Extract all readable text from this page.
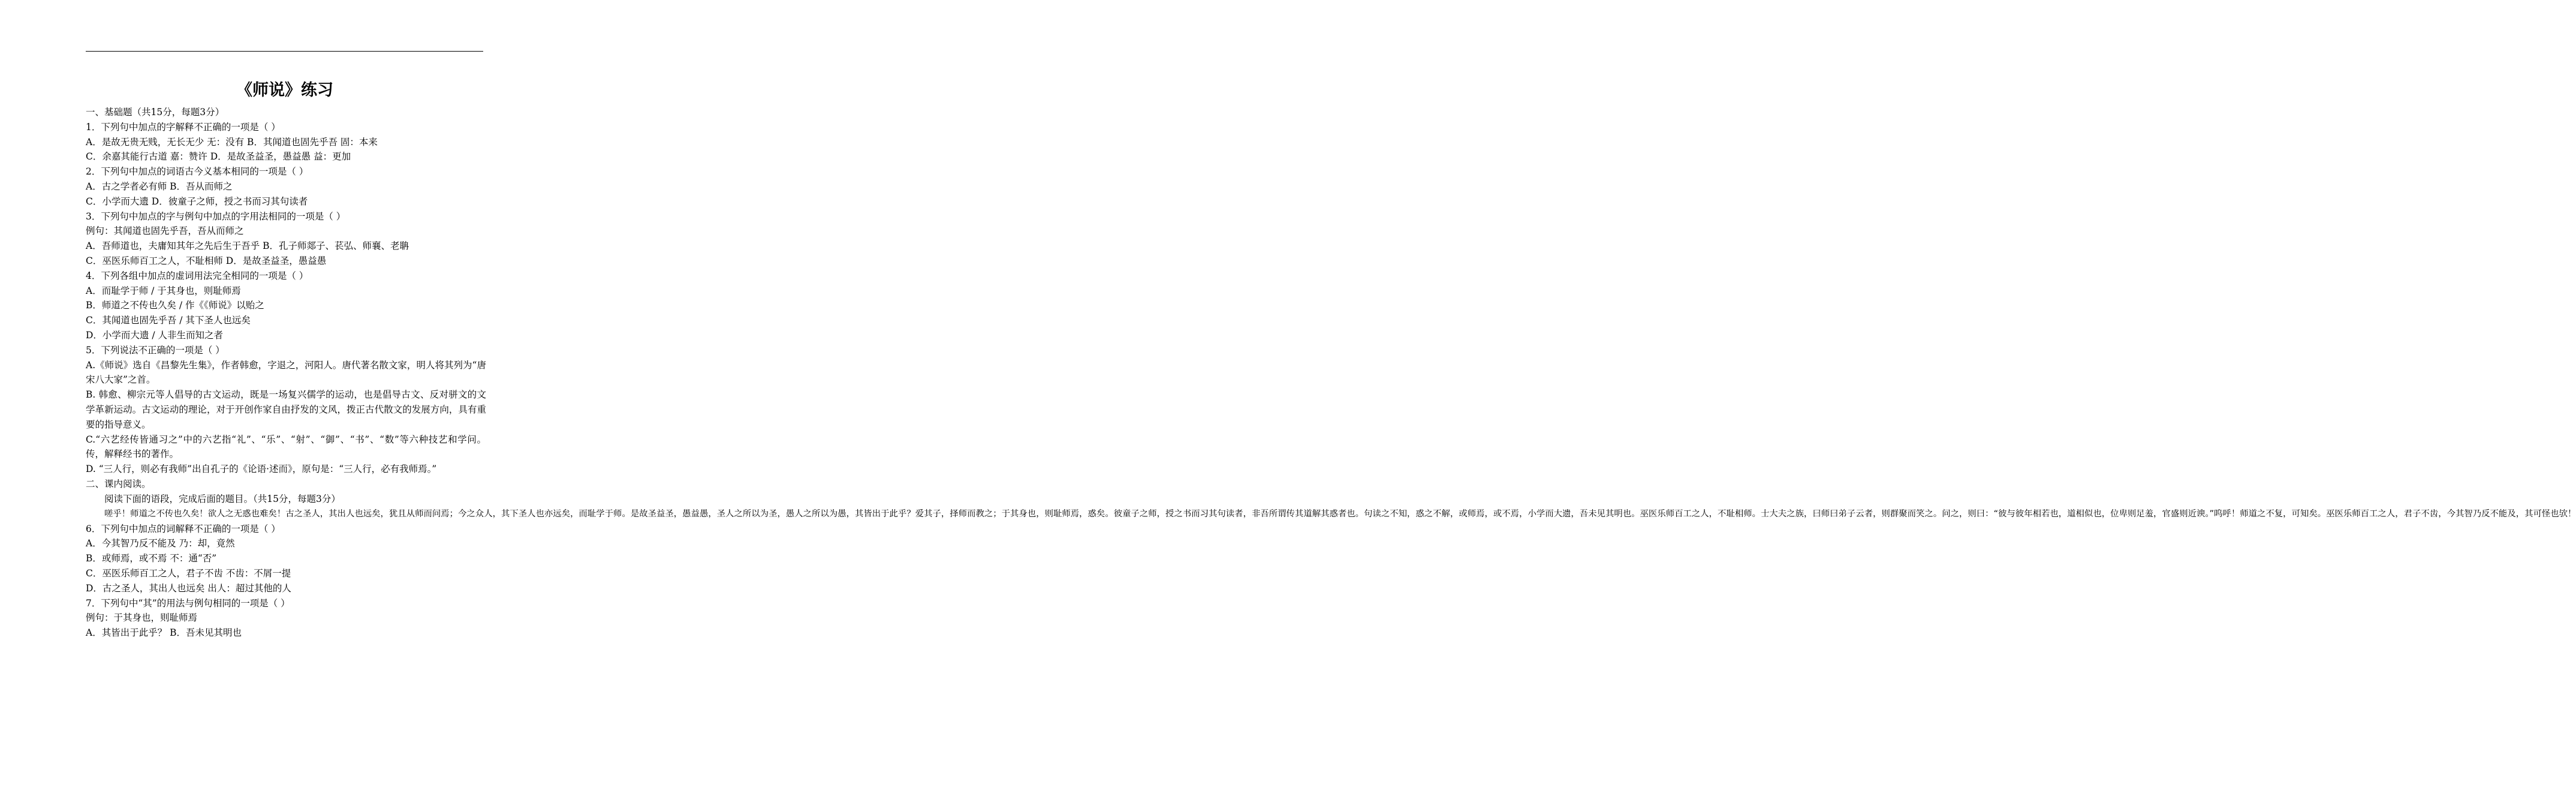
《师说》练习

一、基础题（共15分，每题3分）

1．下列句中加点的字解释不正确的一项是（ ）

A．是故无贵无贱，无长无少 无：没有 B．其闻道也固先乎吾 固：本来

C．余嘉其能行古道 嘉：赞许 D．是故圣益圣，愚益愚 益：更加

2．下列句中加点的词语古今义基本相同的一项是（ ）

A．古之学者必有师 B．吾从而师之

C．小学而大遗 D．彼童子之师，授之书而习其句读者

3．下列句中加点的字与例句中加点的字用法相同的一项是（ ）

例句：其闻道也固先乎吾，吾从而师之

A．吾师道也，夫庸知其年之先后生于吾乎 B．孔子师郯子、苌弘、师襄、老聃

C．巫医乐师百工之人，不耻相师 D．是故圣益圣，愚益愚

4．下列各组中加点的虚词用法完全相同的一项是（ ）

A．而耻学于师 / 于其身也，则耻师焉

B．师道之不传也久矣 / 作《《师说》以贻之

C．其闻道也固先乎吾 / 其下圣人也远矣

D．小学而大遗 / 人非生而知之者

5．下列说法不正确的一项是（ ）

A.《师说》选自《昌黎先生集》，作者韩愈，字退之，河阳人。唐代著名散文家，明人将其列为“唐宋八大家”之首。

B. 韩愈、柳宗元等人倡导的古文运动，既是一场复兴儒学的运动，也是倡导古文、反对骈文的文学革新运动。古文运动的理论，对于开创作家自由抒发的文风，拨正古代散文的发展方向，具有重要的指导意义。

C.“六艺经传皆通习之”中的六艺指“礼”、“乐”、“射”、“御”、“书”、“数”等六种技艺和学问。传，解释经书的著作。

D. “三人行，则必有我师”出自孔子的《论语·述而》，原句是：“三人行，必有我师焉。”

二、课内阅读。

阅读下面的语段，完成后面的题目。（共15分，每题3分）

嗟乎！师道之不传也久矣！欲人之无惑也难矣！古之圣人，其出人也远矣，犹且从师而问焉；今之众人，其下圣人也亦远矣，而耻学于师。是故圣益圣，愚益愚，圣人之所以为圣，愚人之所以为愚，其皆出于此乎？爱其子，择师而教之；于其身也，则耻师焉，惑矣。彼童子之师，授之书而习其句读者，非吾所谓传其道解其惑者也。句读之不知，惑之不解，或师焉，或不焉，小学而大遗，吾未见其明也。巫医乐师百工之人，不耻相师。士大夫之族，曰师曰弟子云者，则群聚而笑之。问之，则曰：“彼与彼年相若也，道相似也，位卑则足羞，官盛则近谀。”呜呼！师道之不复，可知矣。巫医乐师百工之人，君子不齿，今其智乃反不能及，其可怪也欤！

6．下列句中加点的词解释不正确的一项是（ ）

A．今其智乃反不能及 乃：却，竟然

B．或师焉，或不焉 不：通“否”

C．巫医乐师百工之人，君子不齿 不齿：不屑一提

D．古之圣人，其出人也远矣 出人：超过其他的人

7．下列句中“其”的用法与例句相同的一项是（ ）

例句：于其身也，则耻师焉

A．其皆出于此乎？ B．吾未见其明也
